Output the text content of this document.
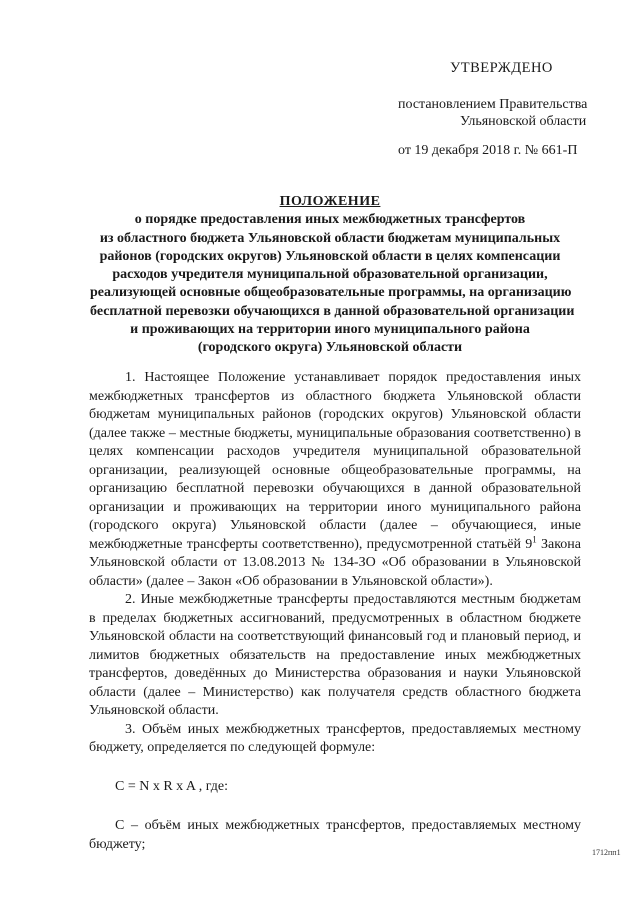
УТВЕРЖДЕНО
постановлением Правительства
Ульяновской области
от 19 декабря 2018 г. № 661-П
ПОЛОЖЕНИЕ
о порядке предоставления иных межбюджетных трансфертов
из областного бюджета Ульяновской области бюджетам муниципальных
районов (городских округов) Ульяновской области в целях компенсации
расходов учредителя муниципальной образовательной организации,
реализующей основные общеобразовательные программы, на организацию
бесплатной перевозки обучающихся в данной образовательной организации
и проживающих на территории иного муниципального района
(городского округа) Ульяновской области

1. Настоящее Положение устанавливает порядок предоставления иных межбюджетных трансфертов из областного бюджета Ульяновской области бюджетам муниципальных районов (городских округов) Ульяновской области (далее также – местные бюджеты, муниципальные образования соответственно) в целях компенсации расходов учредителя муниципальной образовательной организации, реализующей основные общеобразовательные программы, на организацию бесплатной перевозки обучающихся в данной образовательной организации и проживающих на территории иного муниципального района (городского округа) Ульяновской области (далее – обучающиеся, иные межбюджетные трансферты соответственно), предусмотренной статьёй $9^1$ Закона Ульяновской области от 13.08.2013 № 134-ЗО «Об образовании в Ульяновской области» (далее – Закон «Об образовании в Ульяновской области»).

2. Иные межбюджетные трансферты предоставляются местным бюджетам в пределах бюджетных ассигнований, предусмотренных в областном бюджете Ульяновской области на соответствующий финансовый год и плановый период, и лимитов бюджетных обязательств на предоставление иных межбюджетных трансфертов, доведённых до Министерства образования и науки Ульяновской области (далее – Министерство) как получателя средств областного бюджета Ульяновской области.

3. Объём иных межбюджетных трансфертов, предоставляемых местному бюджету, определяется по следующей формуле:

C = N x R x A , где:

C – объём иных межбюджетных трансфертов, предоставляемых местному бюджету;

1712пп1
